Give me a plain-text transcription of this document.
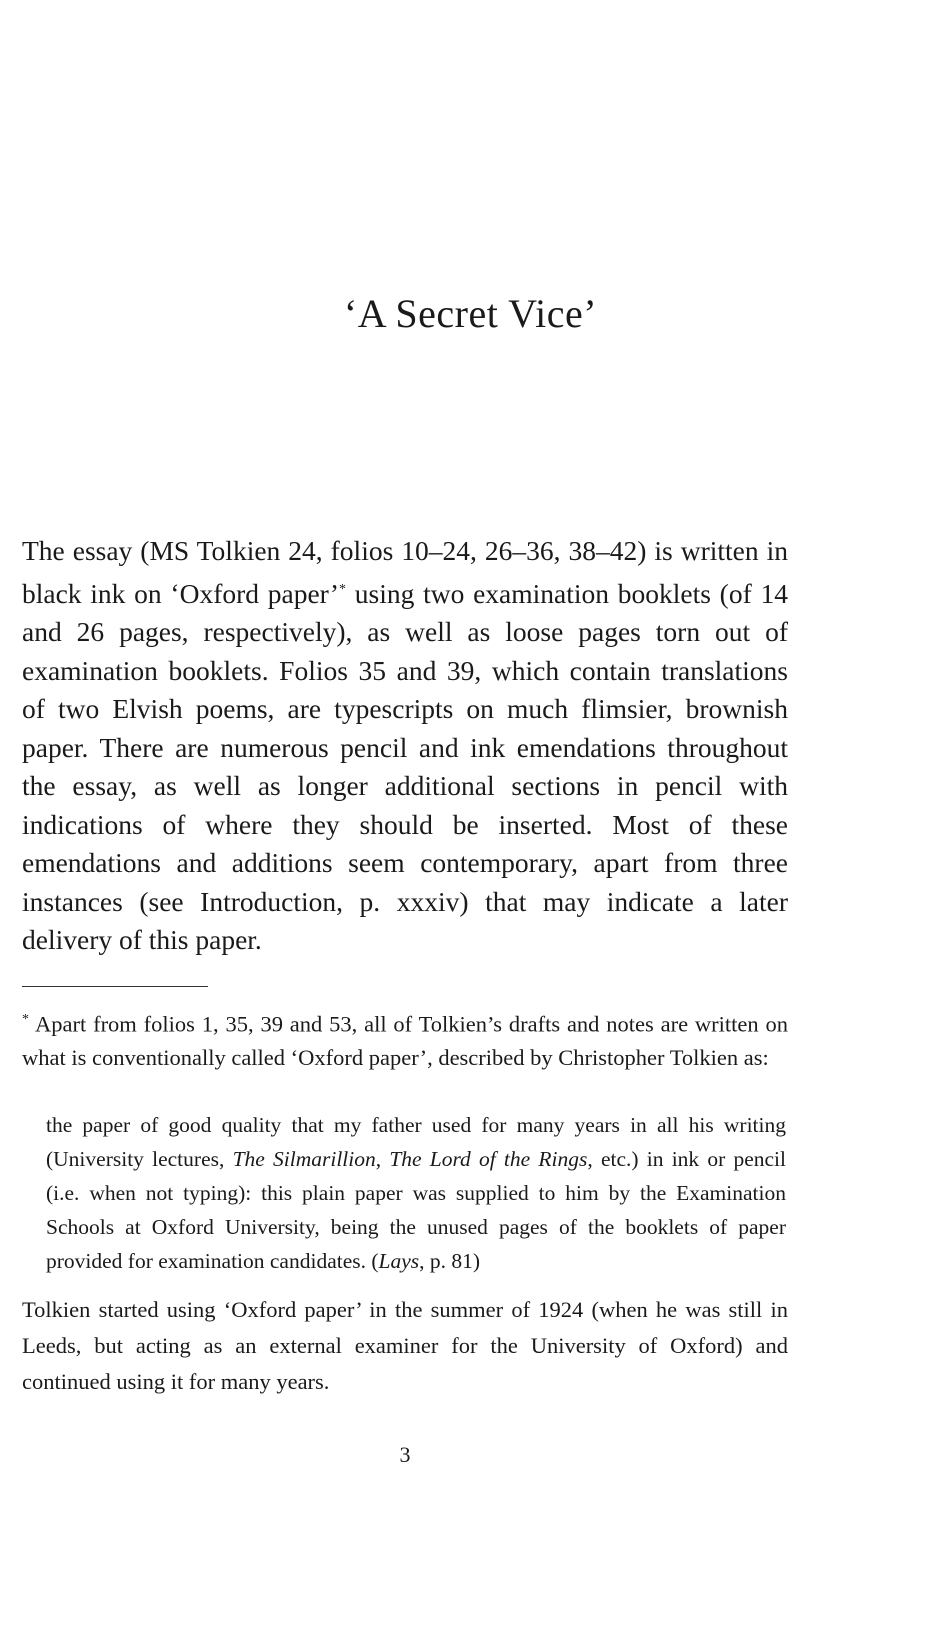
‘A Secret Vice’

The essay (MS Tolkien 24, folios 10–24, 26–36, 38–42) is written in black ink on ‘Oxford paper’* using two examination booklets (of 14 and 26 pages, respectively), as well as loose pages torn out of examination booklets. Folios 35 and 39, which contain translations of two Elvish poems, are typescripts on much flimsier, brownish paper. There are numerous pencil and ink emendations throughout the essay, as well as longer additional sections in pencil with indications of where they should be inserted. Most of these emendations and additions seem contemporary, apart from three instances (see Introduction, p. xxxiv) that may indicate a later delivery of this paper.

* Apart from folios 1, 35, 39 and 53, all of Tolkien’s drafts and notes are written on what is conventionally called ‘Oxford paper’, described by Christopher Tolkien as:

the paper of good quality that my father used for many years in all his writing (University lectures, The Silmarillion, The Lord of the Rings, etc.) in ink or pencil (i.e. when not typing): this plain paper was supplied to him by the Examination Schools at Oxford University, being the unused pages of the booklets of paper provided for examination candidates. (Lays, p. 81)

Tolkien started using ‘Oxford paper’ in the summer of 1924 (when he was still in Leeds, but acting as an external examiner for the University of Oxford) and continued using it for many years.

3
